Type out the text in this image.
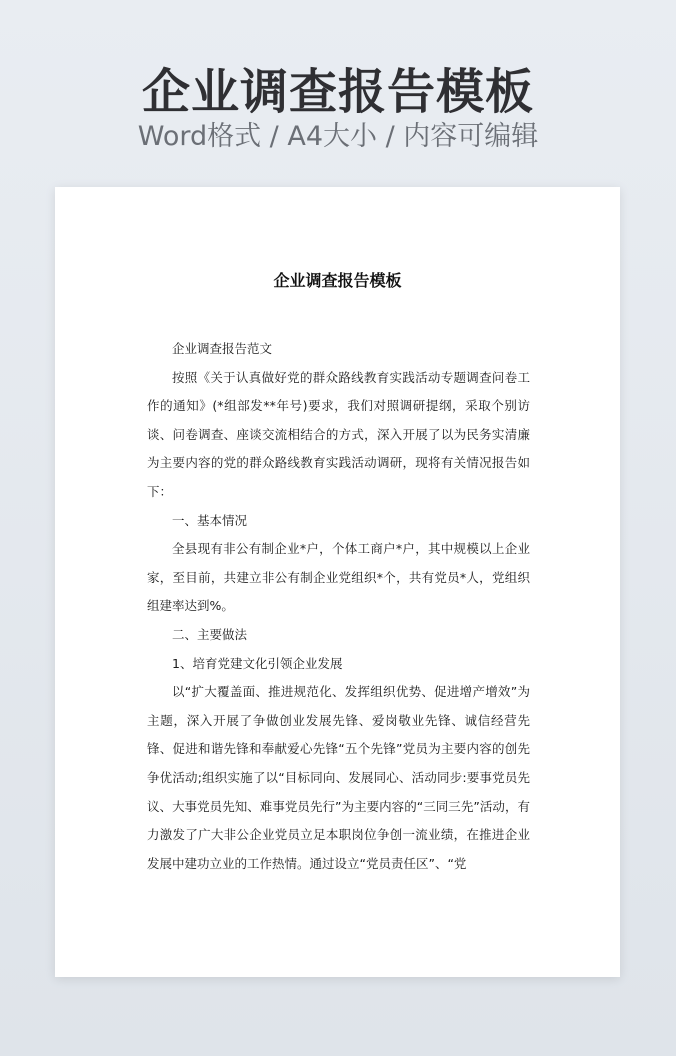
企业调查报告模板
Word格式 / A4大小 / 内容可编辑
企业调查报告模板

企业调查报告范文

按照《关于认真做好党的群众路线教育实践活动专题调查问卷工作的通知》(*组部发**年号)要求，我们对照调研提纲，采取个别访谈、问卷调查、座谈交流相结合的方式，深入开展了以为民务实清廉为主要内容的党的群众路线教育实践活动调研，现将有关情况报告如下：

一、基本情况

全县现有非公有制企业*户，个体工商户*户，其中规模以上企业家，至目前，共建立非公有制企业党组织*个，共有党员*人，党组织组建率达到%。

二、主要做法

1、培育党建文化引领企业发展

以“扩大覆盖面、推进规范化、发挥组织优势、促进增产增效”为主题，深入开展了争做创业发展先锋、爱岗敬业先锋、诚信经营先锋、促进和谐先锋和奉献爱心先锋“五个先锋”党员为主要内容的创先争优活动;组织实施了以“目标同向、发展同心、活动同步:要事党员先议、大事党员先知、难事党员先行”为主要内容的“三同三先”活动，有力激发了广大非公企业党员立足本职岗位争创一流业绩，在推进企业发展中建功立业的工作热情。通过设立“党员责任区”、“党
